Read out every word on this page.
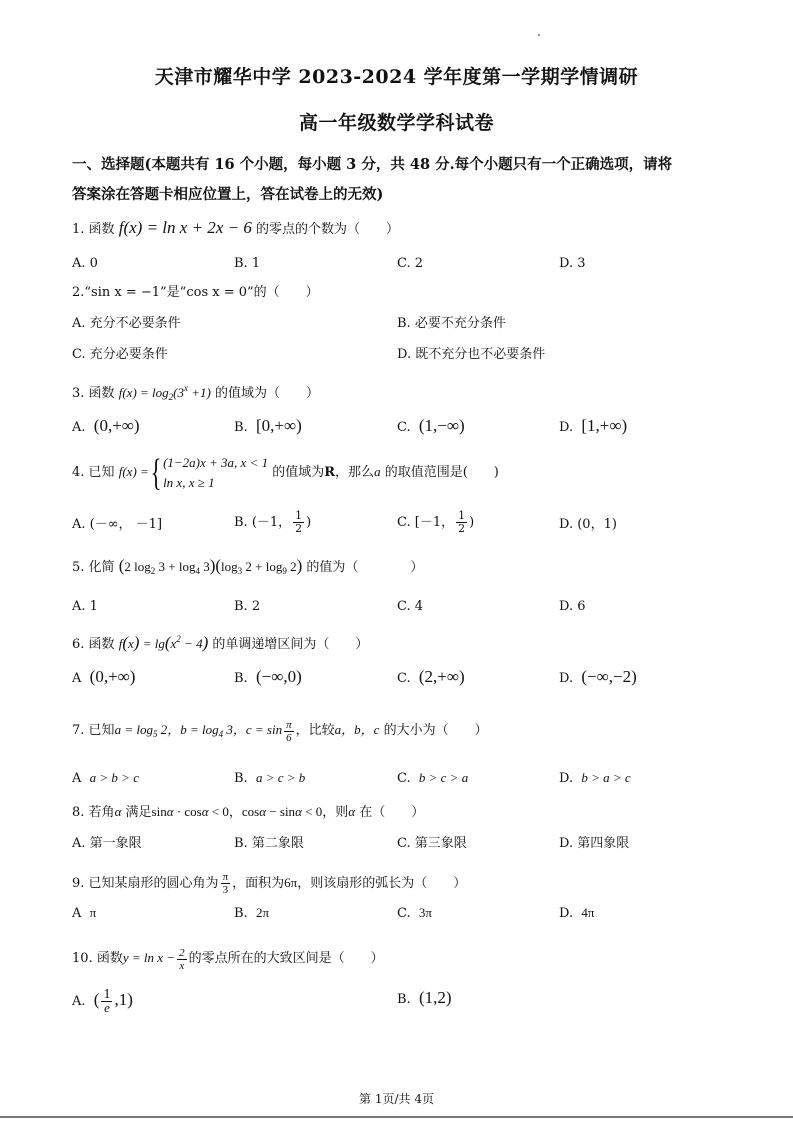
天津市耀华中学 2023-2024 学年度第一学期学情调研
高一年级数学学科试卷
一、选择题(本题共有 16 个小题，每小题 3 分，共 48 分.每个小题只有一个正确选项，请将
答案涂在答题卡相应位置上，答在试卷上的无效)
1. 函数 f(x) = ln x + 2x − 6 的零点的个数为（　　）
A. 0	B. 1	C. 2	D. 3
2.“sin x = −1”是“cos x = 0”的（　　）
A. 充分不必要条件	B. 必要不充分条件
C. 充分必要条件	D. 既不充分也不必要条件
3. 函数 $f(x) = \log_2(3^x +1)$ 的值域为（　　）
A. (0,+∞)	B. [0,+∞)	C. (1,−∞)	D. [1,+∞)
4. 已知 f(x) ={ (1−2a)x + 3a, x < 1
ln x, x ≥ 1
的值域为R，那么a 的取值范围是(　　)
A. (－∞， －1]	B. (－1， $\frac{1}{2}$ )	C. [－1， $\frac{1}{2}$ )	D. (0，1)
5. 化简 (2 $\log_2 3 + \log_4 3)(\log_3$ $2 + \log_9 2$) 的值为（　　　　）
A. 1	B. 2	C. 4	D. 6
6. 函数 $f(x) = \lg(x^2 - 4)$ 的单调递增区间为（　　）
A (0,+∞)	B. (−∞,0)	C. (2,+∞)	D. (−∞,−2)
7. 已知$a = \log_5 2$，$b = \log_4 3$，$c = \sin \frac{\pi}{6}$ ，比较a，b，c 的大小为（　　）
A a > b > c	B. a > c > b	C. b > c > a	D. b > a > c
8. 若角α 满足sinα · cosα < 0，cosα − sinα < 0，则α 在（　　）
A. 第一象限	B. 第二象限	C. 第三象限	D. 第四象限
9. 已知某扇形的圆心角为 $\frac{\pi}{3}$ ，面积为6π，则该扇形的弧长为（　　）
A π	B. 2π	C. 3π	D. 4π
10. 函数$y = \ln x - \frac{2}{x}$ 的零点所在的大致区间是（　　）
A. ( $\frac{1}{e} ,1$)	B. (1,2)
第 1页/共 4页
